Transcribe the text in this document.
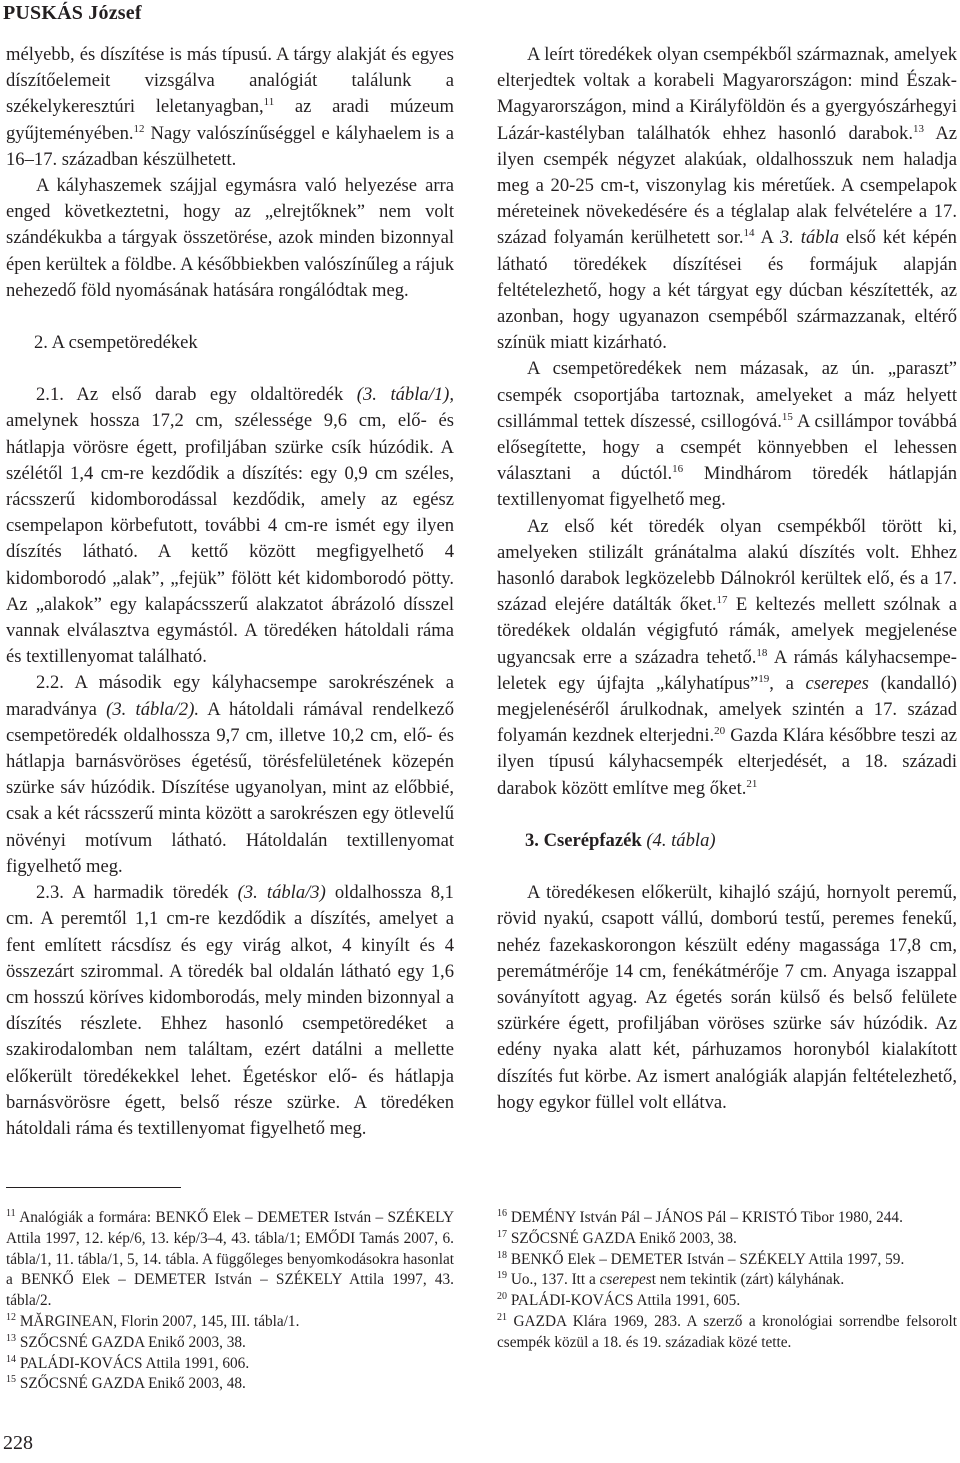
PUSKÁS József

mélyebb, és díszítése is más típusú. A tárgy alakját és egyes díszítőelemeit vizsgálva analógiát találunk a székelykeresztúri leletanyagban,$^{11}$ az aradi múzeum gyűjteményében.$^{12}$ Nagy valószínűséggel e kályhaelem is a 16–17. században készülhetett.

A kályhaszemek szájjal egymásra való helyezése arra enged következtetni, hogy az „elrejtőknek” nem volt szándékukba a tárgyak összetörése, azok minden bizonnyal épen kerültek a földbe. A későbbiekben valószínűleg a rájuk nehezedő föld nyomásának hatására rongálódtak meg.

2. A csempetöredékek

2.1. Az első darab egy oldaltöredék (3. tábla/1), amelynek hossza 17,2 cm, szélessége 9,6 cm, elő- és hátlapja vörösre égett, profiljában szürke csík húzódik. A szélétől 1,4 cm-re kezdődik a díszítés: egy 0,9 cm széles, rácsszerű kidomborodással kezdődik, amely az egész csempelapon körbefutott, további 4 cm-re ismét egy ilyen díszítés látható. A kettő között megfigyelhető 4 kidomborodó „alak”, „fejük” fölött két kidomborodó pötty. Az „alakok” egy kalapácsszerű alakzatot ábrázoló dísszel vannak elválasztva egymástól. A töredéken hátoldali ráma és textillenyomat található.

2.2. A második egy kályhacsempe sarokrészének a maradványa (3. tábla/2). A hátoldali rámával rendelkező csempetöredék oldalhossza 9,7 cm, illetve 10,2 cm, elő- és hátlapja barnásvöröses égetésű, törésfelületének közepén szürke sáv húzódik. Díszítése ugyanolyan, mint az előbbié, csak a két rácsszerű minta között a sarokrészen egy ötlevelű növényi motívum látható. Hátoldalán textillenyomat figyelhető meg.

2.3. A harmadik töredék (3. tábla/3) oldalhossza 8,1 cm. A peremtől 1,1 cm-re kezdődik a díszítés, amelyet a fent említett rácsdísz és egy virág alkot, 4 kinyílt és 4 összezárt szirommal. A töredék bal oldalán látható egy 1,6 cm hosszú köríves kidomborodás, mely minden bizonnyal a díszítés részlete. Ehhez hasonló csempetöredéket a szakirodalomban nem találtam, ezért datálni a mellette előkerült töredékekkel lehet. Égetéskor elő- és hátlapja barnásvörösre égett, belső része szürke. A töredéken hátoldali ráma és textillenyomat figyelhető meg.

A leírt töredékek olyan csempékből származnak, amelyek elterjedtek voltak a korabeli Magyarországon: mind Észak-Magyarországon, mind a Királyföldön és a gyergyószárhegyi Lázár-kastélyban találhatók ehhez hasonló darabok.$^{13}$ Az ilyen csempék négyzet alakúak, oldalhosszuk nem haladja meg a 20-25 cm-t, viszonylag kis méretűek. A csempelapok méreteinek növekedésére és a téglalap alak felvételére a 17. század folyamán kerülhetett sor.$^{14}$ A 3. tábla első két képén látható töredékek díszítései és formájuk alapján feltételezhető, hogy a két tárgyat egy dúcban készítették, az azonban, hogy ugyanazon csempéből származzanak, eltérő színük miatt kizárható.

A csempetöredékek nem mázasak, az ún. „paraszt” csempék csoportjába tartoznak, amelyeket a máz helyett csillámmal tettek díszessé, csillogóvá.$^{15}$ A csillámpor továbbá elősegítette, hogy a csempét könnyebben el lehessen választani a dúctól.$^{16}$ Mindhárom töredék hátlapján textillenyomat figyelhető meg.

Az első két töredék olyan csempékből törött ki, amelyeken stilizált gránátalma alakú díszítés volt. Ehhez hasonló darabok legközelebb Dálnokról kerültek elő, és a 17. század elejére datálták őket.$^{17}$ E keltezés mellett szólnak a töredékek oldalán végigfutó rámák, amelyek megjelenése ugyancsak erre a századra tehető.$^{18}$ A rámás kályhacsempe-leletek egy újfajta „kályhatípus”$^{19}$, a cserepes (kandalló) megjelenéséről árulkodnak, amelyek szintén a 17. század folyamán kezdnek elterjedni.$^{20}$ Gazda Klára későbbre teszi az ilyen típusú kályhacsempék elterjedését, a 18. századi darabok között említve meg őket.$^{21}$

3. Cserépfazék (4. tábla)

A töredékesen előkerült, kihajló szájú, hornyolt peremű, rövid nyakú, csapott vállú, domború testű, peremes fenekű, nehéz fazekaskorongon készült edény magassága 17,8 cm, peremátmérője 14 cm, fenékátmérője 7 cm. Anyaga iszappal soványított agyag. Az égetés során külső és belső felülete szürkére égett, profiljában vöröses szürke sáv húzódik. Az edény nyaka alatt két, párhuzamos horonyból kialakított díszítés fut körbe. Az ismert analógiák alapján feltételezhető, hogy egykor füllel volt ellátva.

$^{11}$ Analógiák a formára: BENKŐ Elek – DEMETER István – SZÉKELY Attila 1997, 12. kép/6, 13. kép/3–4, 43. tábla/1; EMŐDI Tamás 2007, 6. tábla/1, 11. tábla/1, 5, 14. tábla. A függőleges benyomkodásokra hasonlat a BENKŐ Elek – DEMETER István – SZÉKELY Attila 1997, 43. tábla/2.

$^{12}$ MĂRGINEAN, Florin 2007, 145, III. tábla/1.

$^{13}$ SZŐCSNÉ GAZDA Enikő 2003, 38.

$^{14}$ PALÁDI-KOVÁCS Attila 1991, 606.

$^{15}$ SZŐCSNÉ GAZDA Enikő 2003, 48.

$^{16}$ DEMÉNY István Pál – JÁNOS Pál – KRISTÓ Tibor 1980, 244.

$^{17}$ SZŐCSNÉ GAZDA Enikő 2003, 38.

$^{18}$ BENKŐ Elek – DEMETER István – SZÉKELY Attila 1997, 59.

$^{19}$ Uo., 137. Itt a cserepest nem tekintik (zárt) kályhának.

$^{20}$ PALÁDI-KOVÁCS Attila 1991, 605.

$^{21}$ GAZDA Klára 1969, 283. A szerző a kronológiai sorrendbe felsorolt csempék közül a 18. és 19. századiak közé tette.

228
